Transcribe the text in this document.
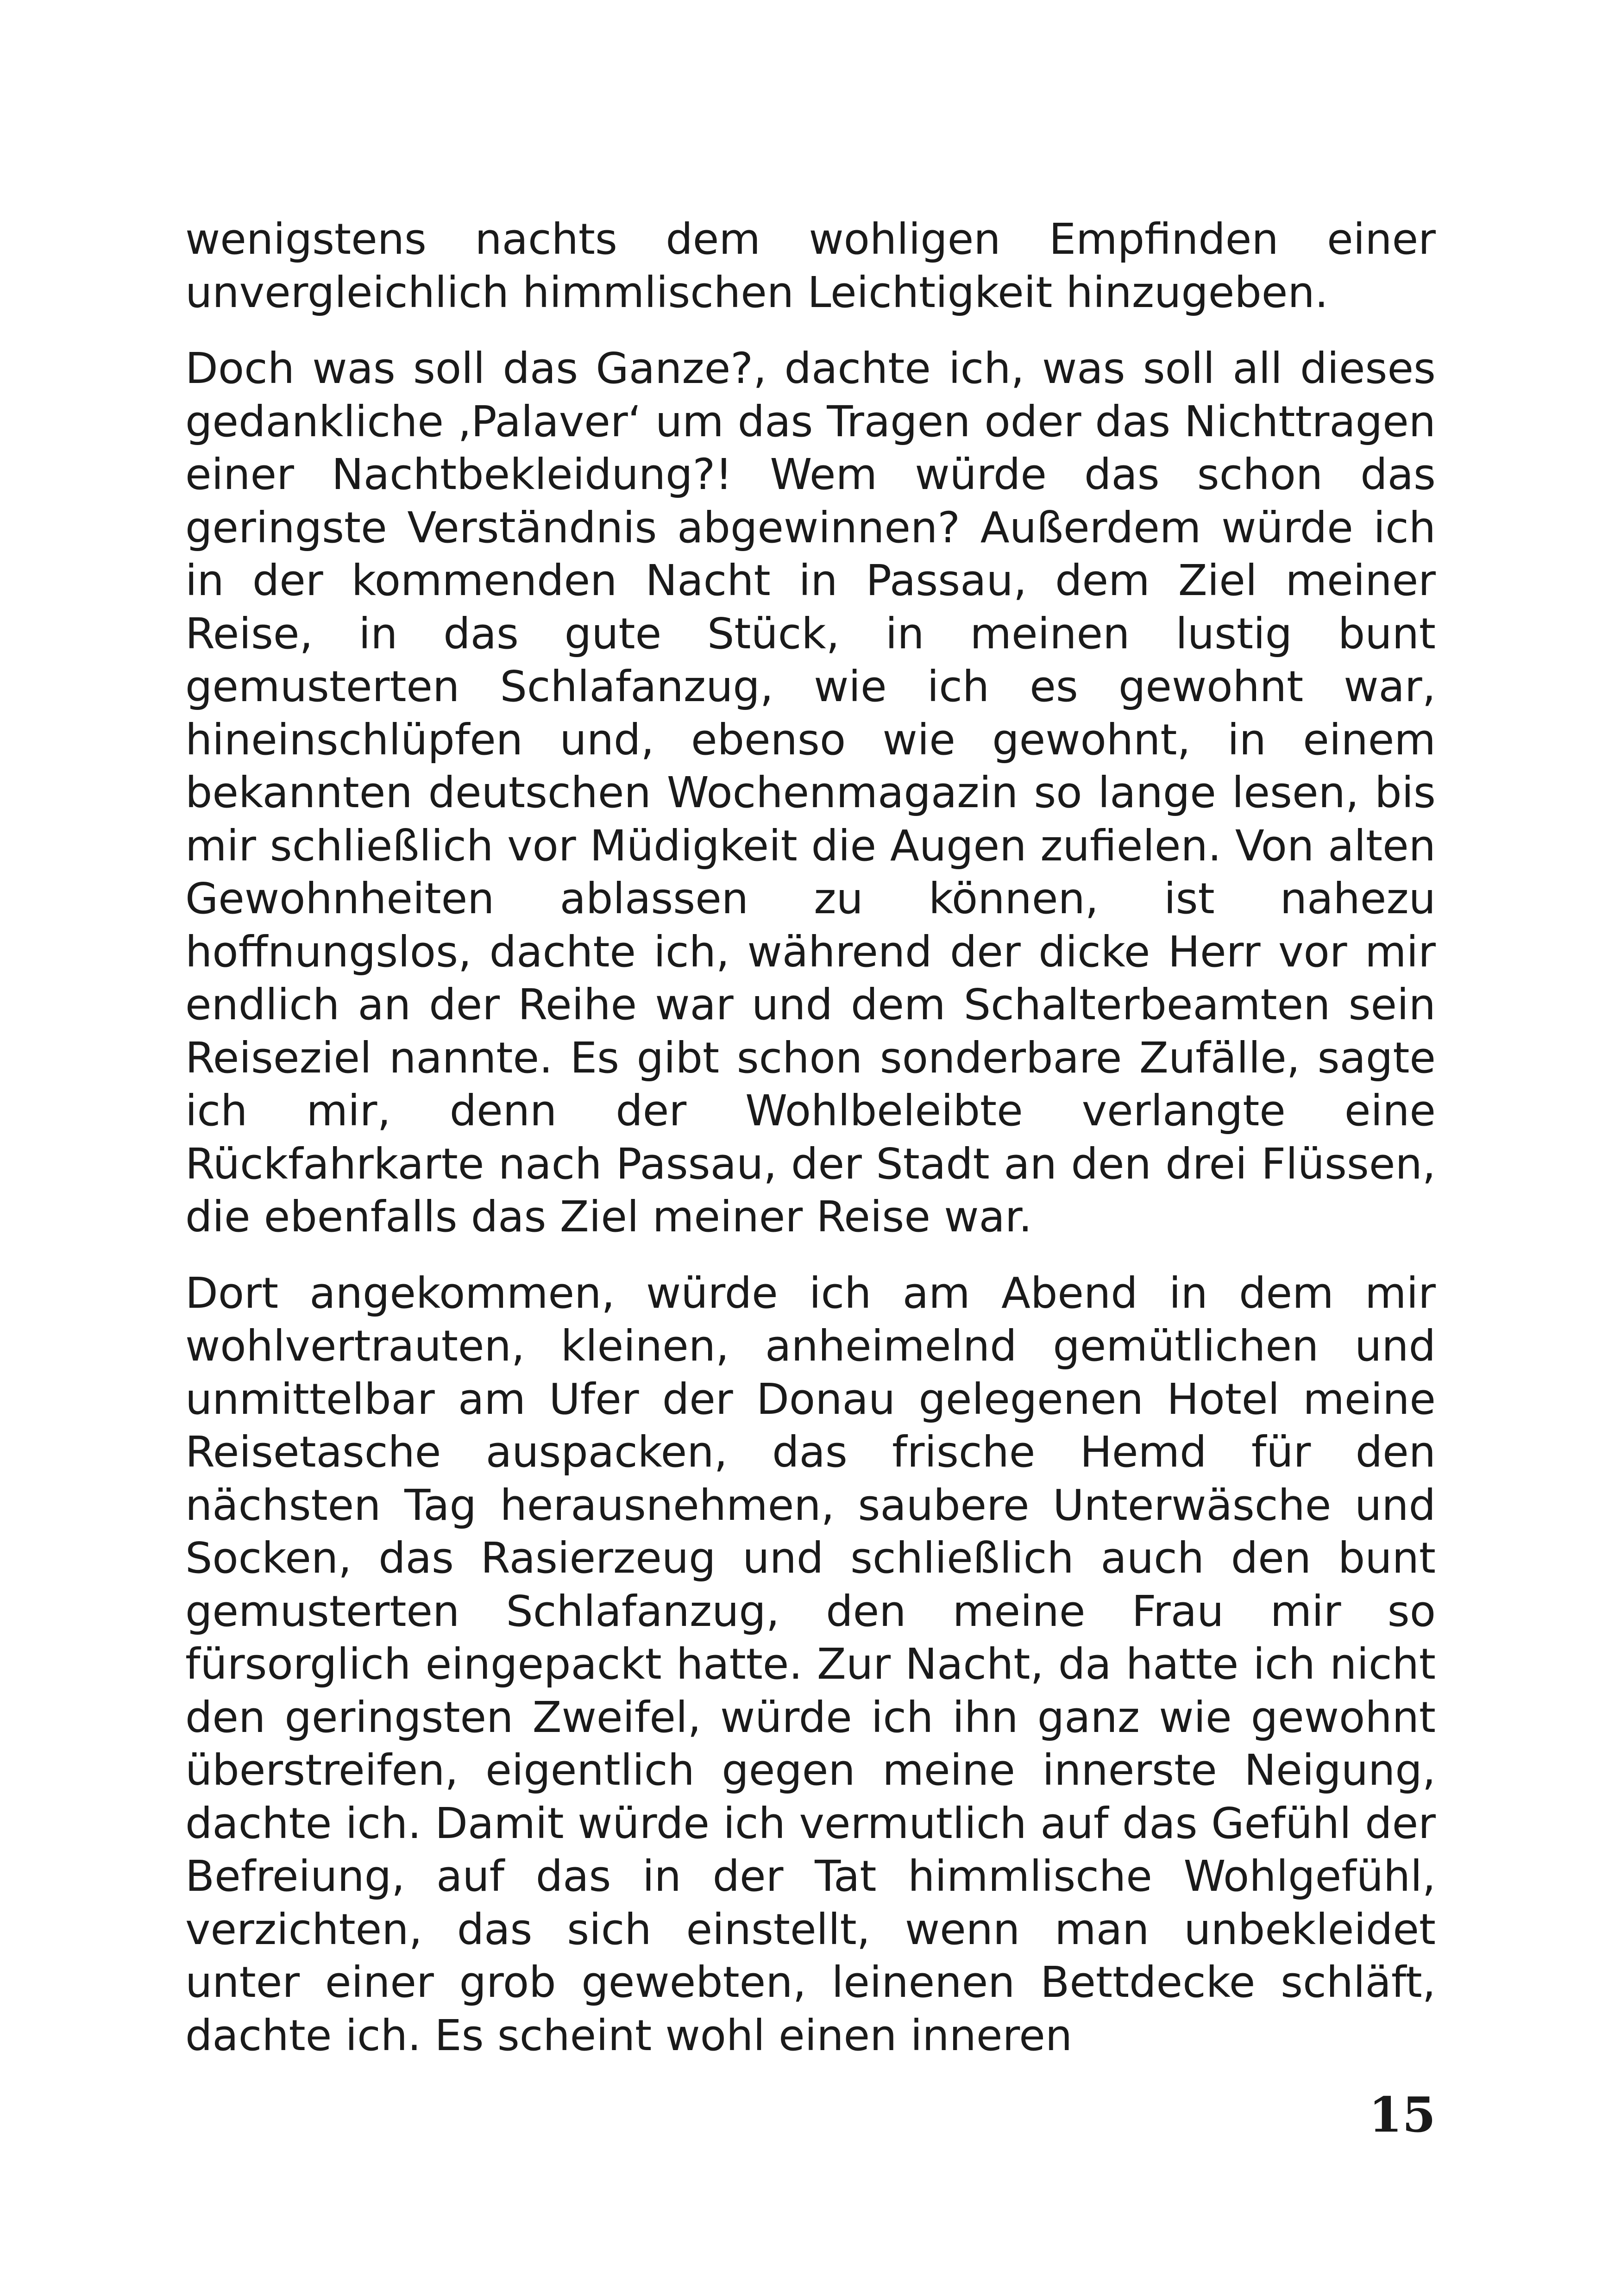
wenigstens nachts dem wohligen Empfinden einer unvergleichlich himmlischen Leichtigkeit hinzugeben.

Doch was soll das Ganze?, dachte ich, was soll all dieses gedankliche ‚Palaver‘ um das Tragen oder das Nichttragen einer Nachtbekleidung?! Wem würde das schon das geringste Verständnis abgewinnen? Außerdem würde ich in der kommenden Nacht in Passau, dem Ziel meiner Reise, in das gute Stück, in meinen lustig bunt gemusterten Schlafanzug, wie ich es gewohnt war, hineinschlüpfen und, ebenso wie gewohnt, in einem bekannten deutschen Wochenmagazin so lange lesen, bis mir schließlich vor Müdigkeit die Augen zufielen. Von alten Gewohnheiten ablassen zu können, ist nahezu hoffnungslos, dachte ich, während der dicke Herr vor mir endlich an der Reihe war und dem Schalterbeamten sein Reiseziel nannte. Es gibt schon sonderbare Zufälle, sagte ich mir, denn der Wohlbeleibte verlangte eine Rückfahrkarte nach Passau, der Stadt an den drei Flüssen, die ebenfalls das Ziel meiner Reise war.

Dort angekommen, würde ich am Abend in dem mir wohlvertrauten, kleinen, anheimelnd gemütlichen und unmittelbar am Ufer der Donau gelegenen Hotel meine Reisetasche auspacken, das frische Hemd für den nächsten Tag herausnehmen, saubere Unterwäsche und Socken, das Rasierzeug und schließlich auch den bunt gemusterten Schlafanzug, den meine Frau mir so fürsorglich eingepackt hatte. Zur Nacht, da hatte ich nicht den geringsten Zweifel, würde ich ihn ganz wie gewohnt überstreifen, eigentlich gegen meine innerste Neigung, dachte ich. Damit würde ich vermutlich auf das Gefühl der Befreiung, auf das in der Tat himmlische Wohlgefühl, verzichten, das sich einstellt, wenn man unbekleidet unter einer grob gewebten, leinenen Bettdecke schläft, dachte ich. Es scheint wohl einen inneren

15
